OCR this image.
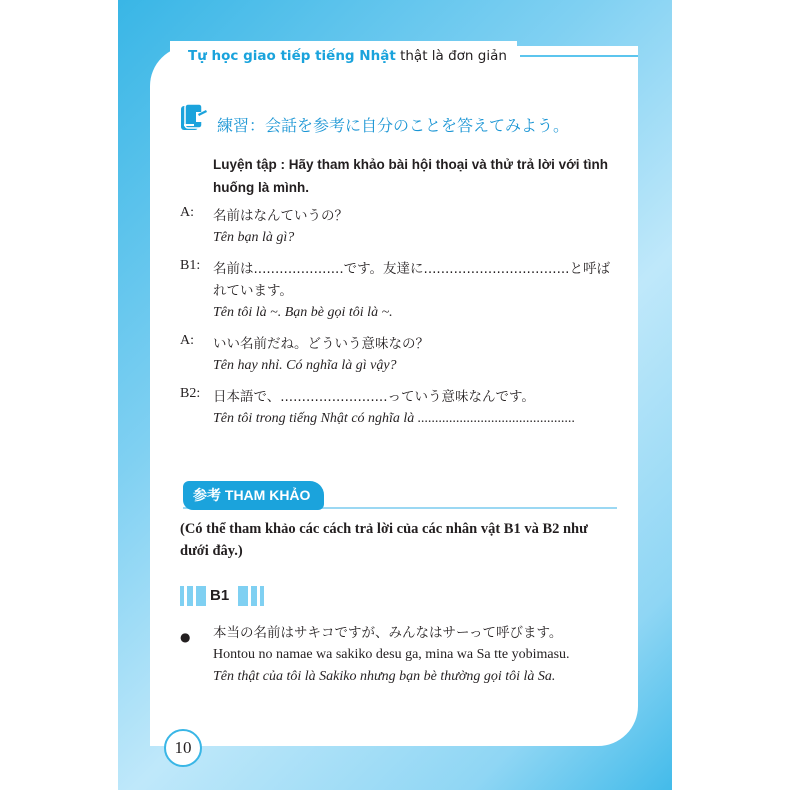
Tự học giao tiếp tiếng Nhật thật là đơn giản
練習：会話を参考に自分のことを答えてみよう。
Luyện tập : Hãy tham khảo bài hội thoại và thử trả lời với tình huống là mình.
A: 名前はなんていうの？
Tên bạn là gì?
B1: 名前は.....................です。友達に..................................と呼ばれています。
Tên tôi là ~. Bạn bè gọi tôi là ~.
A: いい名前だね。どういう意味なの？
Tên hay nhỉ. Có nghĩa là gì vậy?
B2: 日本語で、.........................っていう意味なんです。
Tên tôi trong tiếng Nhật có nghĩa là .............................................
参考 THAM KHẢO
(Có thể tham khảo các cách trả lời của các nhân vật B1 và B2 như dưới đây.)
B1
● 本当の名前はサキコですが、みんなはサーって呼びます。
Hontou no namae wa sakiko desu ga, mina wa Sa tte yobimasu.
Tên thật của tôi là Sakiko nhưng bạn bè thường gọi tôi là Sa.
10
